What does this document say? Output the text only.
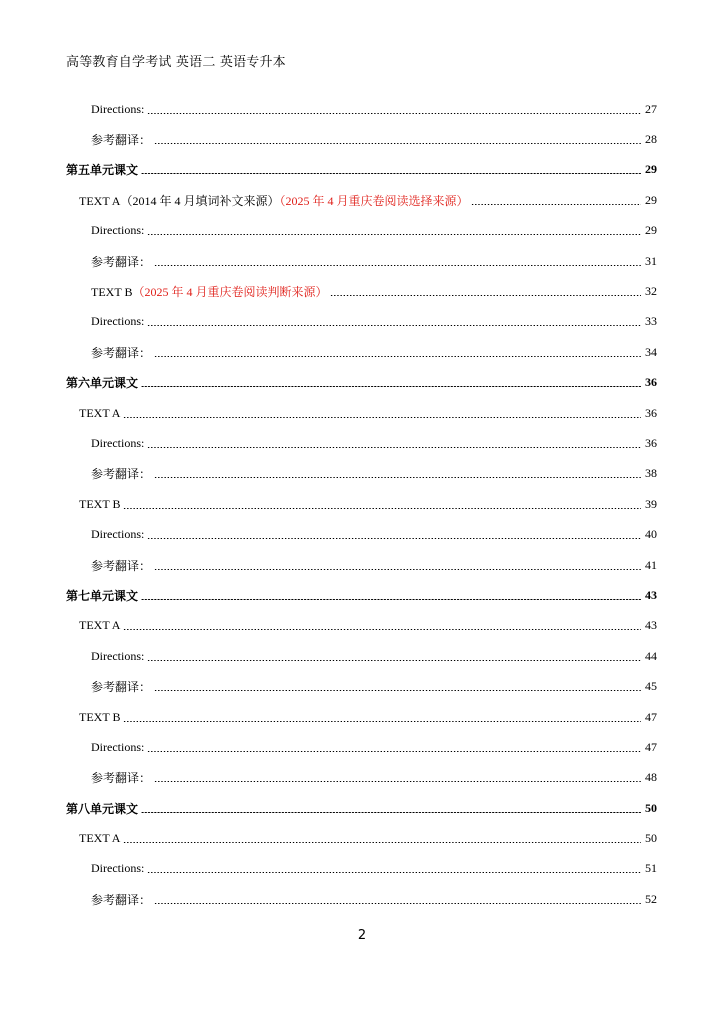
高等教育自学考试 英语二 英语专升本
Directions:	27
参考翻译：	28
第五单元课文	29
TEXT A（2014 年 4 月填词补文来源）（2025 年 4 月重庆卷阅读选择来源）	29
Directions:	29
参考翻译：	31
TEXT B（2025 年 4 月重庆卷阅读判断来源）	32
Directions:	33
参考翻译：	34
第六单元课文	36
TEXT A	36
Directions:	36
参考翻译：	38
TEXT B	39
Directions:	40
参考翻译：	41
第七单元课文	43
TEXT A	43
Directions:	44
参考翻译：	45
TEXT B	47
Directions:	47
参考翻译：	48
第八单元课文	50
TEXT A	50
Directions:	51
参考翻译：	52
2
